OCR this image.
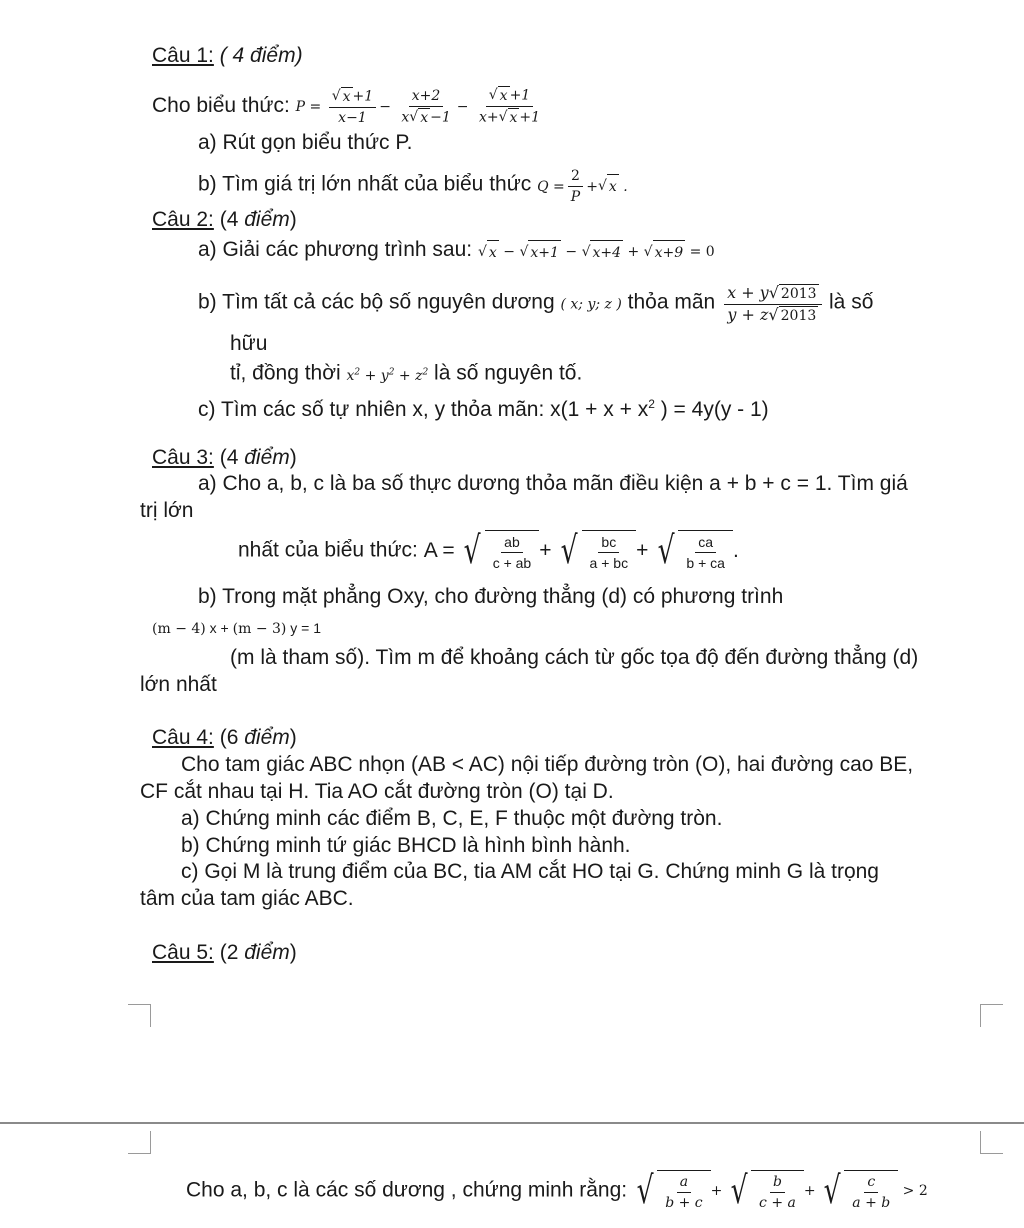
Câu 1: ( 4 điểm)
Cho biểu thức: $P = \frac{√ x +1}{x-1} - \frac{x+2}{x √ x -1} - \frac{√ x +1}{x+ √ x +1}$
a) Rút gọn biểu thức P.
b) Tìm giá trị lớn nhất của biểu thức $Q = \frac{2}{P}$ + √ x .
Câu 2: (4 điểm)
a) Giải các phương trình sau: √ x − √ x+1 − √ x+4 + √ x+9 = 0
b) Tìm tất cả các bộ số nguyên dương ( x; y; z ) thỏa mãn $\frac{x + y √ 2013}{y + z √ 2013}$ là số
hữu
tỉ, đồng thời $x^2 + y^2 + z^2$ là số nguyên tố.
c) Tìm các số tự nhiên x, y thỏa mãn: $x(1 + x + x^2$ ) = 4y(y - 1)
Câu 3: (4 điểm)
a) Cho a, b, c là ba số thực dương thỏa mãn điều kiện a + b + c = 1. Tìm giá
trị lớn
nhất của biểu thức: A = √ $\frac{ab}{c + ab}$ + √ $\frac{bc}{a + bc}$ + √ $\frac{ca}{b + ca}$ .
b) Trong mặt phẳng Oxy, cho đường thẳng (d) có phương trình
(m − 4) x + (m − 3) y = 1
(m là tham số). Tìm m để khoảng cách từ gốc tọa độ đến đường thẳng (d)
lớn nhất
Câu 4: (6 điểm)
Cho tam giác ABC nhọn (AB < AC) nội tiếp đường tròn (O), hai đường cao BE,
CF cắt nhau tại H. Tia AO cắt đường tròn (O) tại D.
a) Chứng minh các điểm B, C, E, F thuộc một đường tròn.
b) Chứng minh tứ giác BHCD là hình bình hành.
c) Gọi M là trung điểm của BC, tia AM cắt HO tại G. Chứng minh G là trọng
tâm của tam giác ABC.
Câu 5: (2 điểm)
Cho a, b, c là các số dương , chứng minh rằng: √ $\frac{a}{b + c}$ + √ $\frac{b}{c + a}$ + √ $\frac{c}{a + b} > 2$
